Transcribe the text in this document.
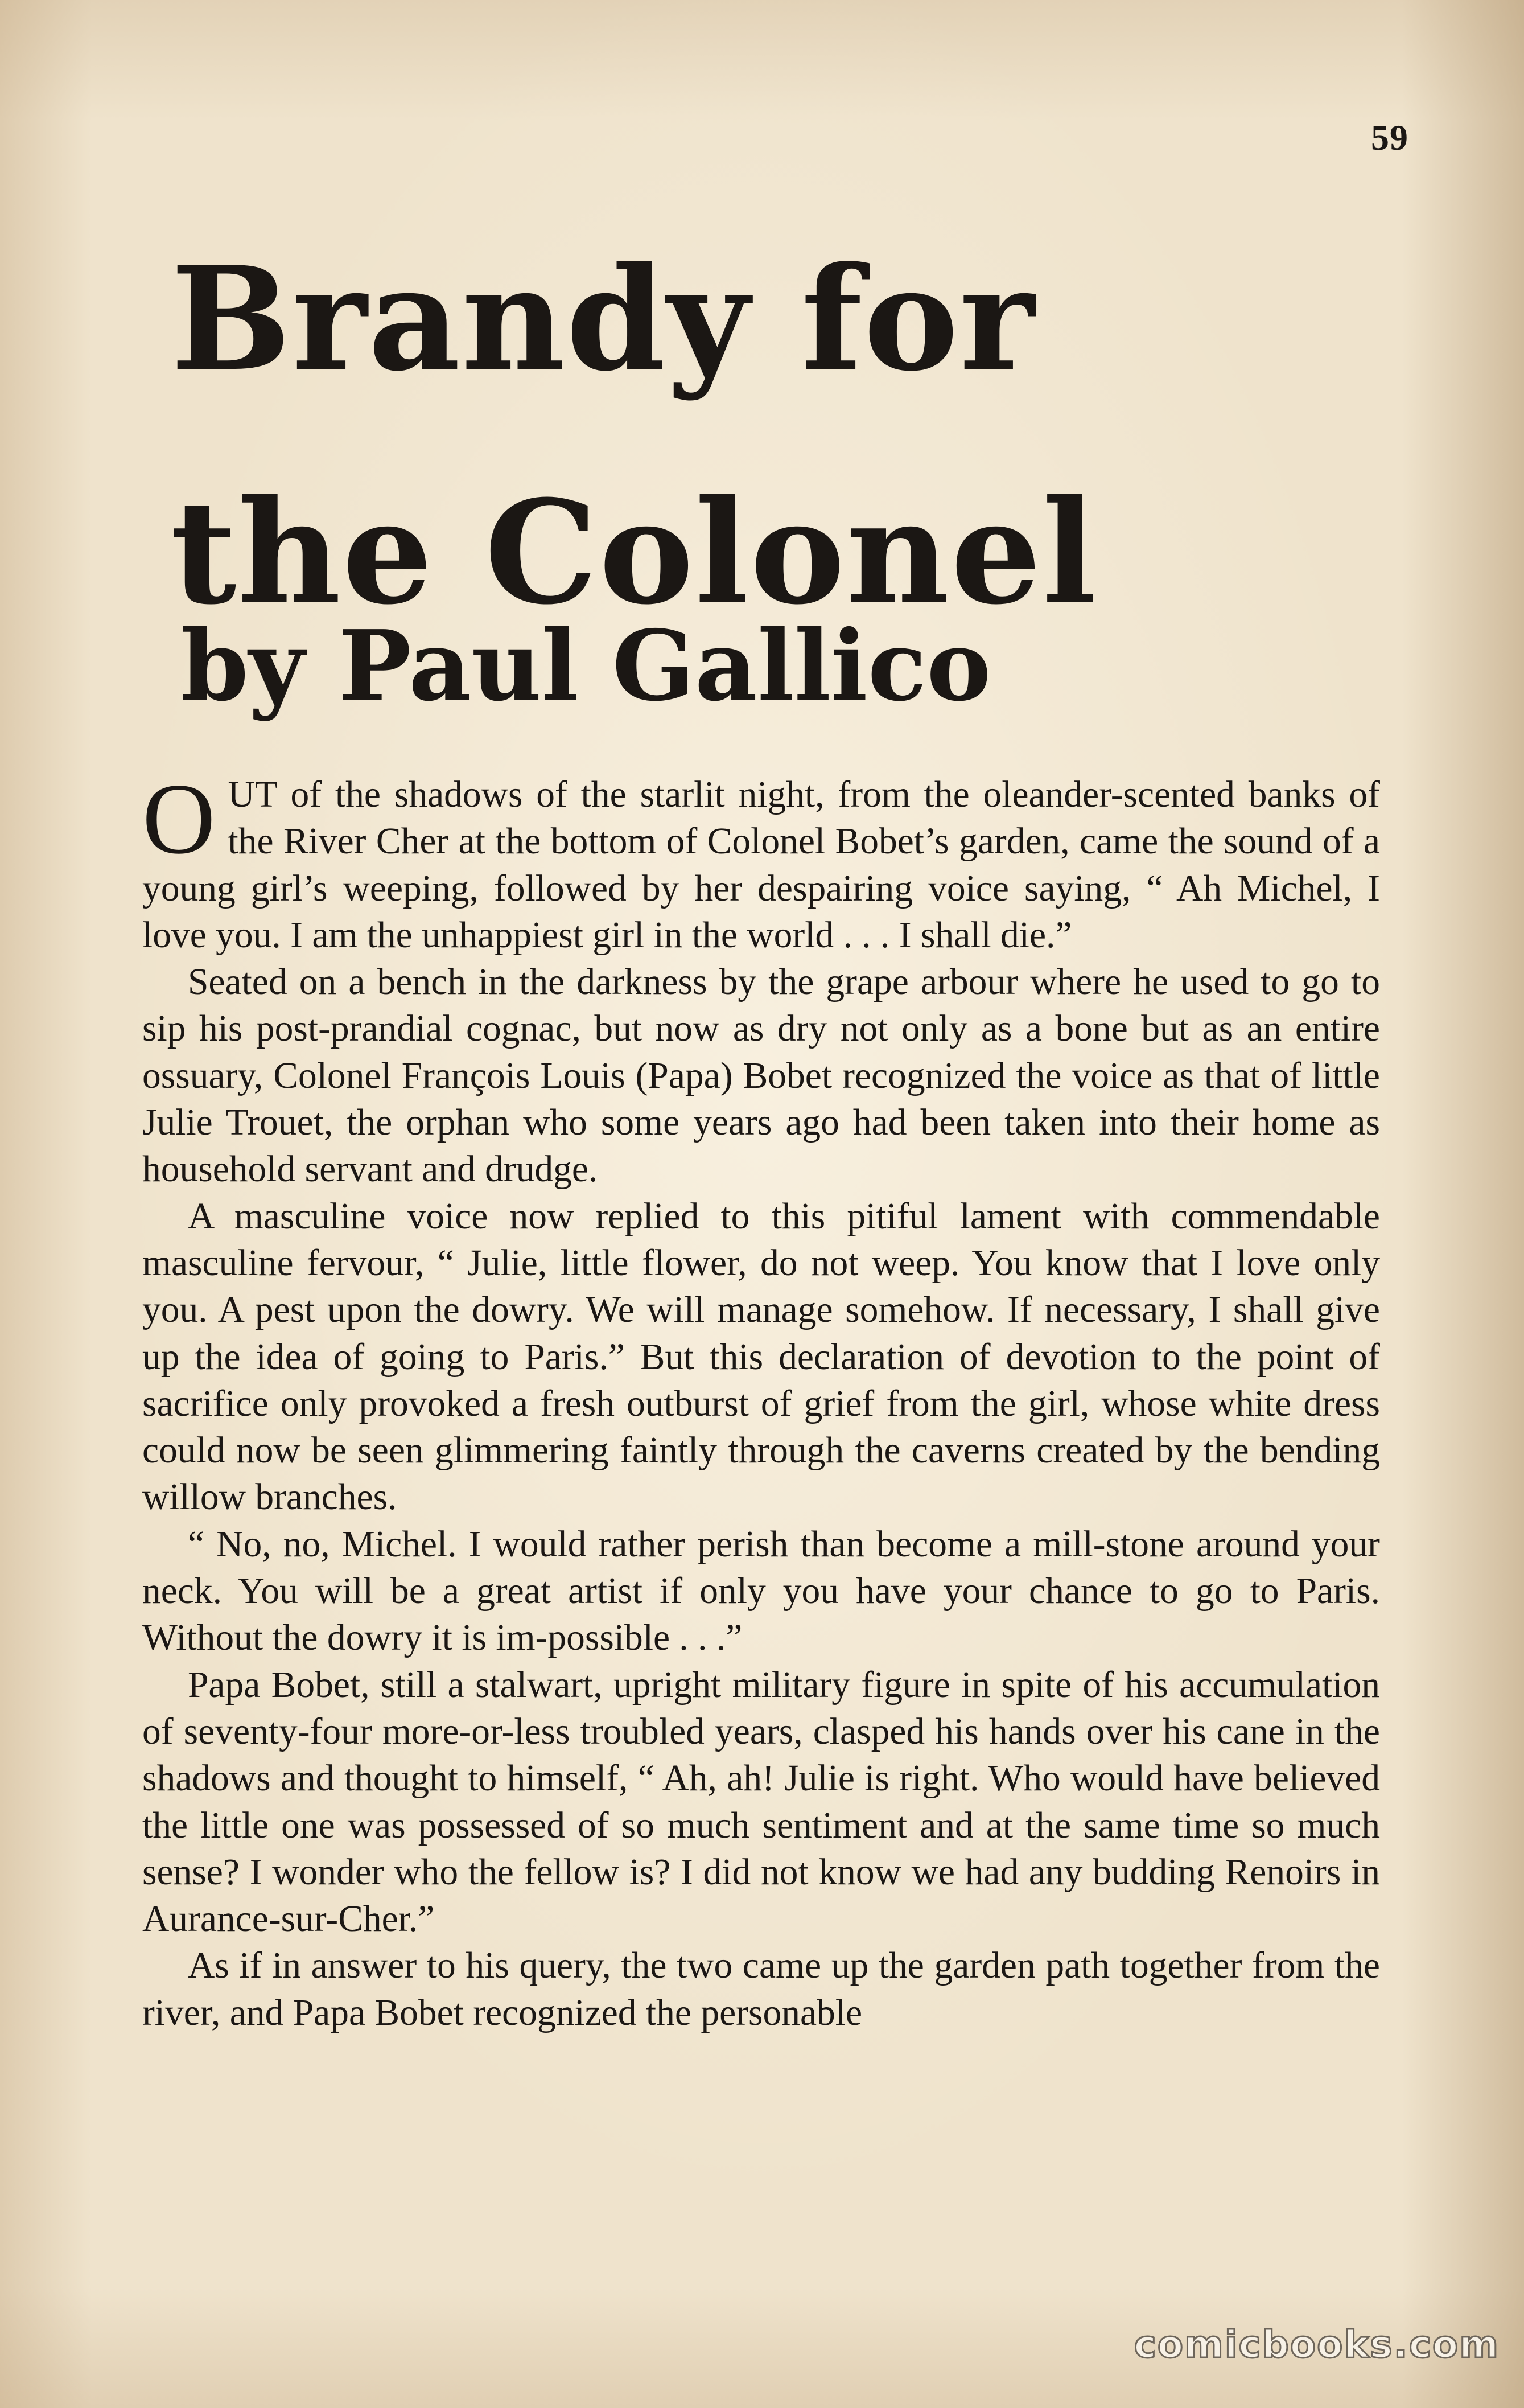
59
Brandy for
the Colonel
by Paul Gallico

OUT of the shadows of the starlit night, from the oleander-scented banks of the River Cher at the bottom of Colonel Bobet’s garden, came the sound of a young girl’s weeping, followed by her despairing voice saying, “ Ah Michel, I love you. I am the unhappiest girl in the world . . . I shall die.”

Seated on a bench in the darkness by the grape arbour where he used to go to sip his post-prandial cognac, but now as dry not only as a bone but as an entire ossuary, Colonel François Louis (Papa) Bobet recognized the voice as that of little Julie Trouet, the orphan who some years ago had been taken into their home as household servant and drudge.

A masculine voice now replied to this pitiful lament with commendable masculine fervour, “ Julie, little flower, do not weep. You know that I love only you. A pest upon the dowry. We will manage somehow. If necessary, I shall give up the idea of going to Paris.” But this declaration of devotion to the point of sacrifice only provoked a fresh outburst of grief from the girl, whose white dress could now be seen glimmering faintly through the caverns created by the bending willow branches.

“ No, no, Michel. I would rather perish than become a mill-stone around your neck. You will be a great artist if only you have your chance to go to Paris. Without the dowry it is im-possible . . .”

Papa Bobet, still a stalwart, upright military figure in spite of his accumulation of seventy-four more-or-less troubled years, clasped his hands over his cane in the shadows and thought to himself, “ Ah, ah! Julie is right. Who would have believed the little one was possessed of so much sentiment and at the same time so much sense? I wonder who the fellow is? I did not know we had any budding Renoirs in Aurance-sur-Cher.”

As if in answer to his query, the two came up the garden path together from the river, and Papa Bobet recognized the personable

comicbooks.com
